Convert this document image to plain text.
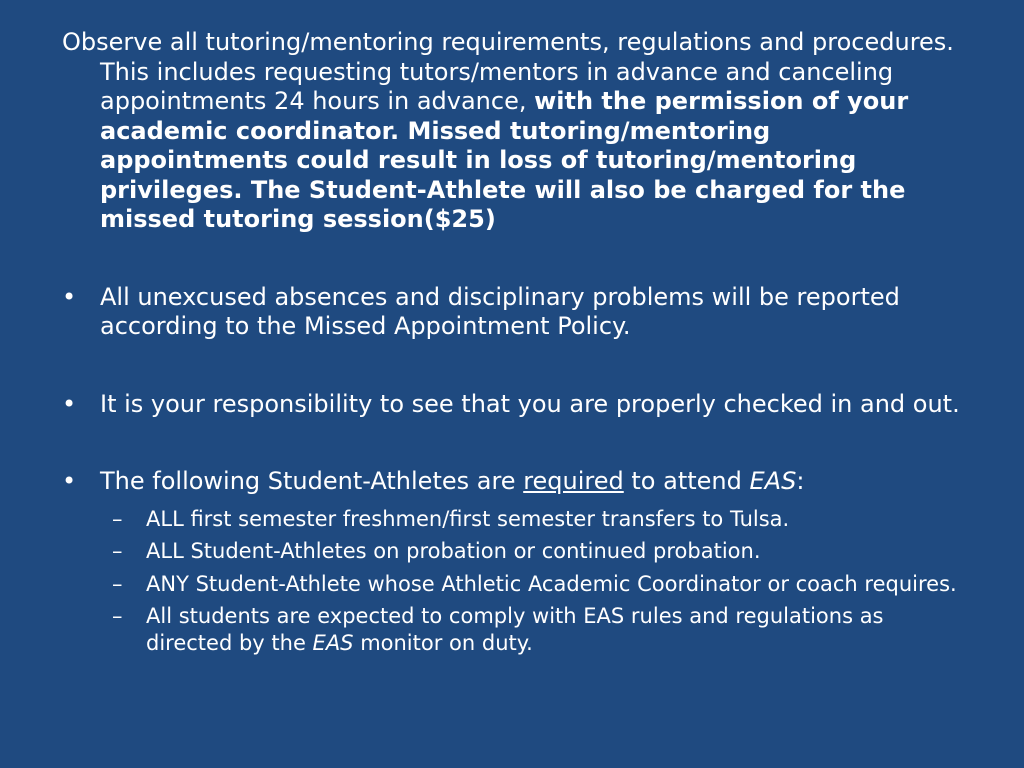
Observe all tutoring/mentoring requirements, regulations and procedures. This includes requesting tutors/mentors in advance and canceling appointments 24 hours in advance, with the permission of your academic coordinator. Missed tutoring/mentoring appointments could result in loss of tutoring/mentoring privileges. The Student-Athlete will also be charged for the missed tutoring session($25)

• All unexcused absences and disciplinary problems will be reported according to the Missed Appointment Policy.

• It is your responsibility to see that you are properly checked in and out.

• The following Student-Athletes are required to attend EAS:

–	ALL first semester freshmen/first semester transfers to Tulsa.

–	ALL Student-Athletes on probation or continued probation.

–	ANY Student-Athlete whose Athletic Academic Coordinator or coach requires.

–	All students are expected to comply with EAS rules and regulations as directed by the EAS monitor on duty.
